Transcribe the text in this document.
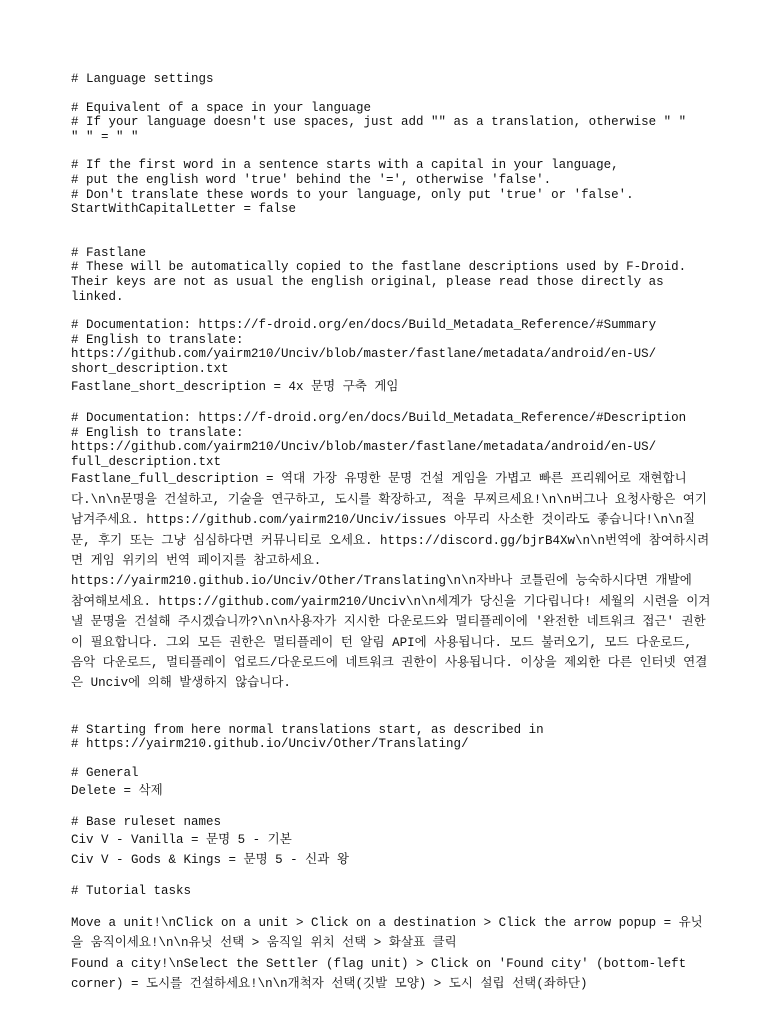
# Language settings
# Equivalent of a space in your language
# If your language doesn't use spaces, just add "" as a translation, otherwise " "
" " = " "
# If the first word in a sentence starts with a capital in your language,
# put the english word 'true' behind the '=', otherwise 'false'.
# Don't translate these words to your language, only put 'true' or 'false'.
StartWithCapitalLetter = false
# Fastlane
# These will be automatically copied to the fastlane descriptions used by F-Droid. Their keys are not as usual the english original, please read those directly as linked.
# Documentation: https://f-droid.org/en/docs/Build_Metadata_Reference/#Summary
# English to translate:
https://github.com/yairm210/Unciv/blob/master/fastlane/metadata/android/en-US/
short_description.txt
Fastlane_short_description = 4x 문명 구축 게임
# Documentation: https://f-droid.org/en/docs/Build_Metadata_Reference/#Description
# English to translate:
https://github.com/yairm210/Unciv/blob/master/fastlane/metadata/android/en-US/
full_description.txt
Fastlane_full_description = 역대 가장 유명한 문명 건설 게임을 가볍고 빠른 프리웨어로 재현합니다.\n\n문명을 건설하고, 기술을 연구하고, 도시를 확장하고, 적을 무찌르세요!\n\n버그나 요청사항은 여기 남겨주세요. https://github.com/yairm210/Unciv/issues 아무리 사소한 것이라도 좋습니다!\n\n질문, 후기 또는 그냥 심심하다면 커뮤니티로 오세요. https://discord.gg/bjrB4Xw\n\n번역에 참여하시려면 게임 위키의 번역 페이지를 참고하세요. https://yairm210.github.io/Unciv/Other/Translating\n\n자바나 코틀린에 능숙하시다면 개발에 참여해보세요. https://github.com/yairm210/Unciv\n\n세계가 당신을 기다립니다! 세월의 시련을 이겨낼 문명을 건설해 주시겠습니까?\n\n사용자가 지시한 다운로드와 멀티플레이에 '완전한 네트워크 접근' 권한이 필요합니다. 그외 모든 권한은 멀티플레이 턴 알림 API에 사용됩니다. 모드 불러오기, 모드 다운로드, 음악 다운로드, 멀티플레이 업로드/다운로드에 네트워크 권한이 사용됩니다. 이상을 제외한 다른 인터넷 연결은 Unciv에 의해 발생하지 않습니다.
# Starting from here normal translations start, as described in
# https://yairm210.github.io/Unciv/Other/Translating/
# General
Delete = 삭제
# Base ruleset names
Civ V - Vanilla = 문명 5 - 기본
Civ V - Gods & Kings = 문명 5 - 신과 왕
# Tutorial tasks
Move a unit!\nClick on a unit > Click on a destination > Click the arrow popup = 유닛을 움직이세요!\n\n유닛 선택 > 움직일 위치 선택 > 화살표 클릭
Found a city!\nSelect the Settler (flag unit) > Click on 'Found city' (bottom-left corner) = 도시를 건설하세요!\n\n개척자 선택(깃발 모양) > 도시 설립 선택(좌하단)
